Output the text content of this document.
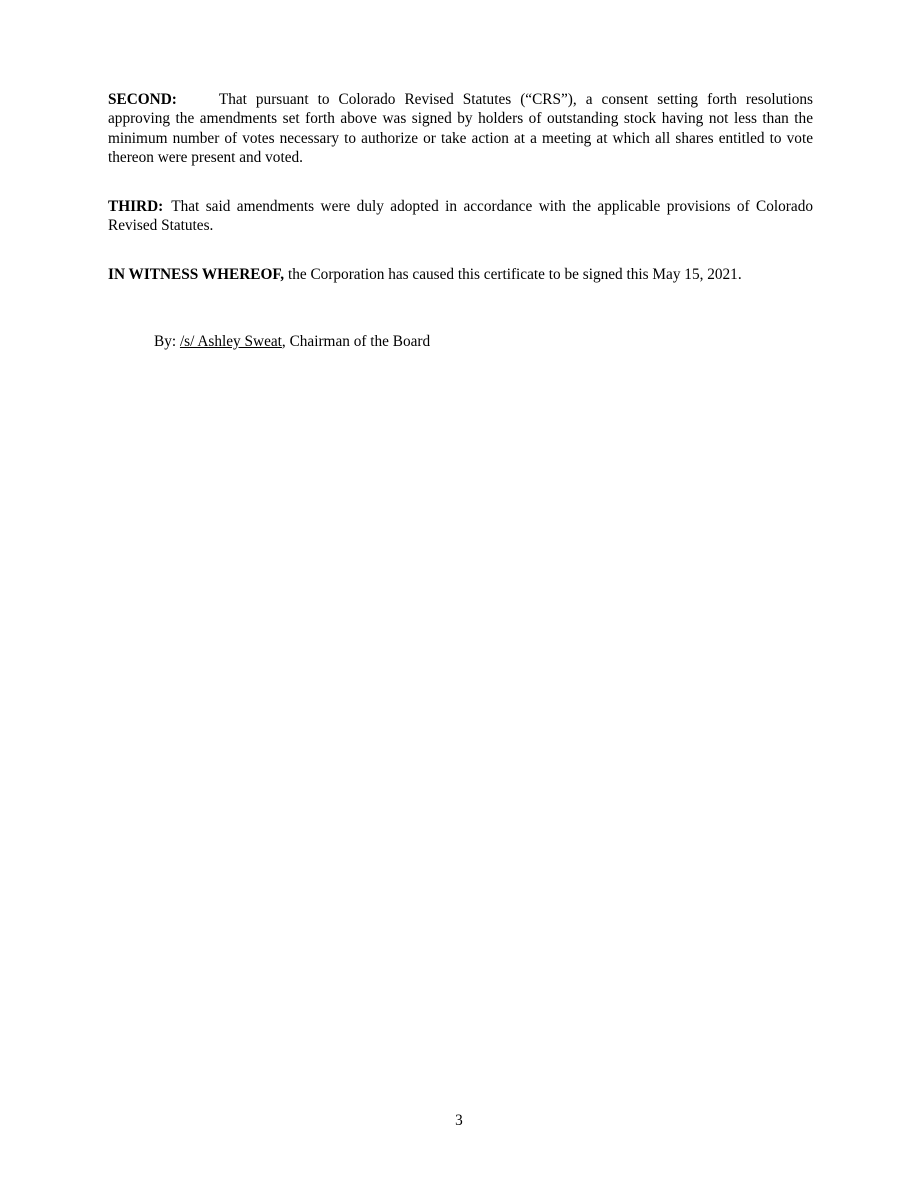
SECOND:	That pursuant to Colorado Revised Statutes (“CRS”), a consent setting forth resolutions approving the amendments set forth above was signed by holders of outstanding stock having not less than the minimum number of votes necessary to authorize or take action at a meeting at which all shares entitled to vote thereon were present and voted.

THIRD: That said amendments were duly adopted in accordance with the applicable provisions of Colorado Revised Statutes.

IN WITNESS WHEREOF, the Corporation has caused this certificate to be signed this May 15, 2021.

By: /s/ Ashley Sweat, Chairman of the Board

3
